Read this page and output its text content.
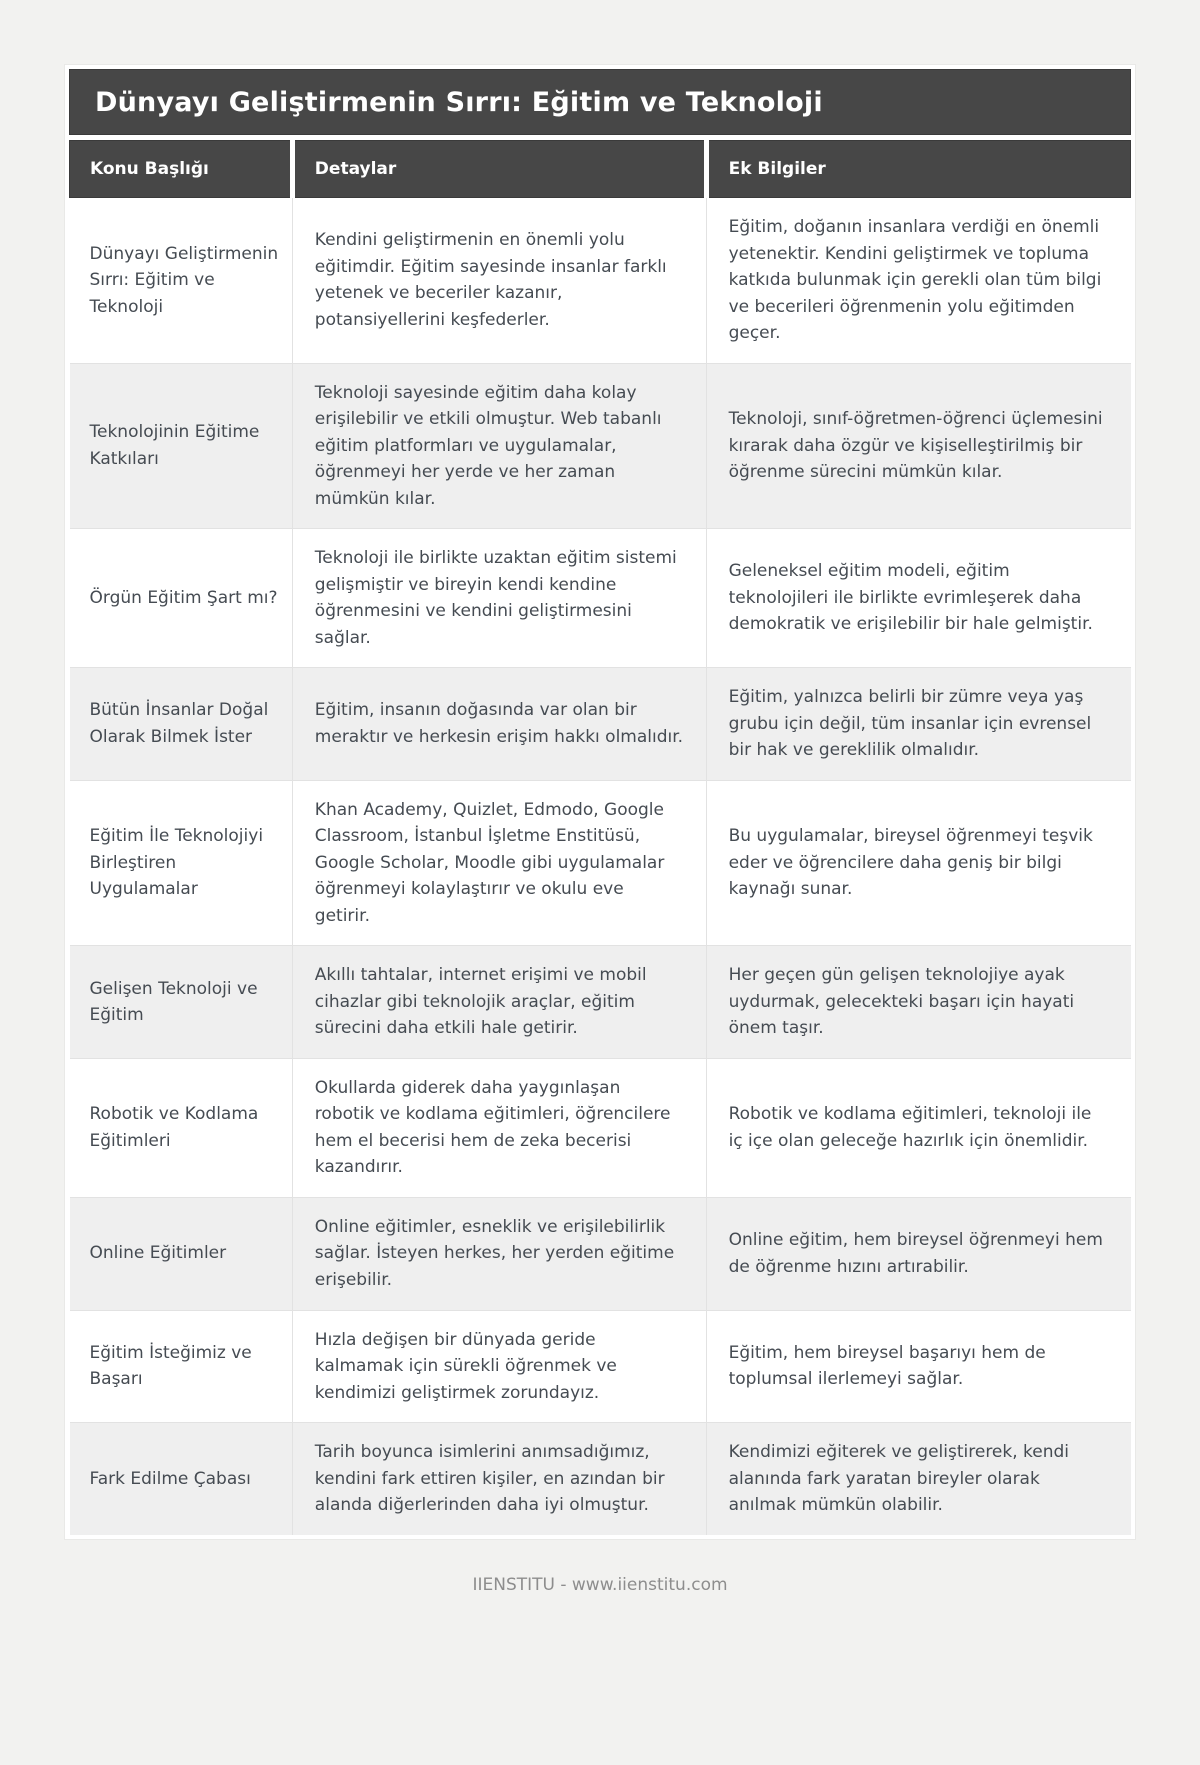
Dünyayı Geliştirmenin Sırrı: Eğitim ve Teknoloji
Konu Başlığı	Detaylar	Ek Bilgiler
Dünyayı Geliştirmenin Sırrı: Eğitim ve Teknoloji	Kendini geliştirmenin en önemli yolu eğitimdir. Eğitim sayesinde insanlar farklı yetenek ve beceriler kazanır, potansiyellerini keşfederler.	Eğitim, doğanın insanlara verdiği en önemli yetenektir. Kendini geliştirmek ve topluma katkıda bulunmak için gerekli olan tüm bilgi ve becerileri öğrenmenin yolu eğitimden geçer.
Teknolojinin Eğitime Katkıları	Teknoloji sayesinde eğitim daha kolay erişilebilir ve etkili olmuştur. Web tabanlı eğitim platformları ve uygulamalar, öğrenmeyi her yerde ve her zaman mümkün kılar.	Teknoloji, sınıf-öğretmen-öğrenci üçlemesini kırarak daha özgür ve kişiselleştirilmiş bir öğrenme sürecini mümkün kılar.
Örgün Eğitim Şart mı?	Teknoloji ile birlikte uzaktan eğitim sistemi gelişmiştir ve bireyin kendi kendine öğrenmesini ve kendini geliştirmesini sağlar.	Geleneksel eğitim modeli, eğitim teknolojileri ile birlikte evrimleşerek daha demokratik ve erişilebilir bir hale gelmiştir.
Bütün İnsanlar Doğal Olarak Bilmek İster	Eğitim, insanın doğasında var olan bir meraktır ve herkesin erişim hakkı olmalıdır.	Eğitim, yalnızca belirli bir zümre veya yaş grubu için değil, tüm insanlar için evrensel bir hak ve gereklilik olmalıdır.
Eğitim İle Teknolojiyi Birleştiren Uygulamalar	Khan Academy, Quizlet, Edmodo, Google Classroom, İstanbul İşletme Enstitüsü, Google Scholar, Moodle gibi uygulamalar öğrenmeyi kolaylaştırır ve okulu eve getirir.	Bu uygulamalar, bireysel öğrenmeyi teşvik eder ve öğrencilere daha geniş bir bilgi kaynağı sunar.
Gelişen Teknoloji ve Eğitim	Akıllı tahtalar, internet erişimi ve mobil cihazlar gibi teknolojik araçlar, eğitim sürecini daha etkili hale getirir.	Her geçen gün gelişen teknolojiye ayak uydurmak, gelecekteki başarı için hayati önem taşır.
Robotik ve Kodlama Eğitimleri	Okullarda giderek daha yaygınlaşan robotik ve kodlama eğitimleri, öğrencilere hem el becerisi hem de zeka becerisi kazandırır.	Robotik ve kodlama eğitimleri, teknoloji ile iç içe olan geleceğe hazırlık için önemlidir.
Online Eğitimler	Online eğitimler, esneklik ve erişilebilirlik sağlar. İsteyen herkes, her yerden eğitime erişebilir.	Online eğitim, hem bireysel öğrenmeyi hem de öğrenme hızını artırabilir.
Eğitim İsteğimiz ve Başarı	Hızla değişen bir dünyada geride kalmamak için sürekli öğrenmek ve kendimizi geliştirmek zorundayız.	Eğitim, hem bireysel başarıyı hem de toplumsal ilerlemeyi sağlar.
Fark Edilme Çabası	Tarih boyunca isimlerini anımsadığımız, kendini fark ettiren kişiler, en azından bir alanda diğerlerinden daha iyi olmuştur.	Kendimizi eğiterek ve geliştirerek, kendi alanında fark yaratan bireyler olarak anılmak mümkün olabilir.
IIENSTITU - www.iienstitu.com
